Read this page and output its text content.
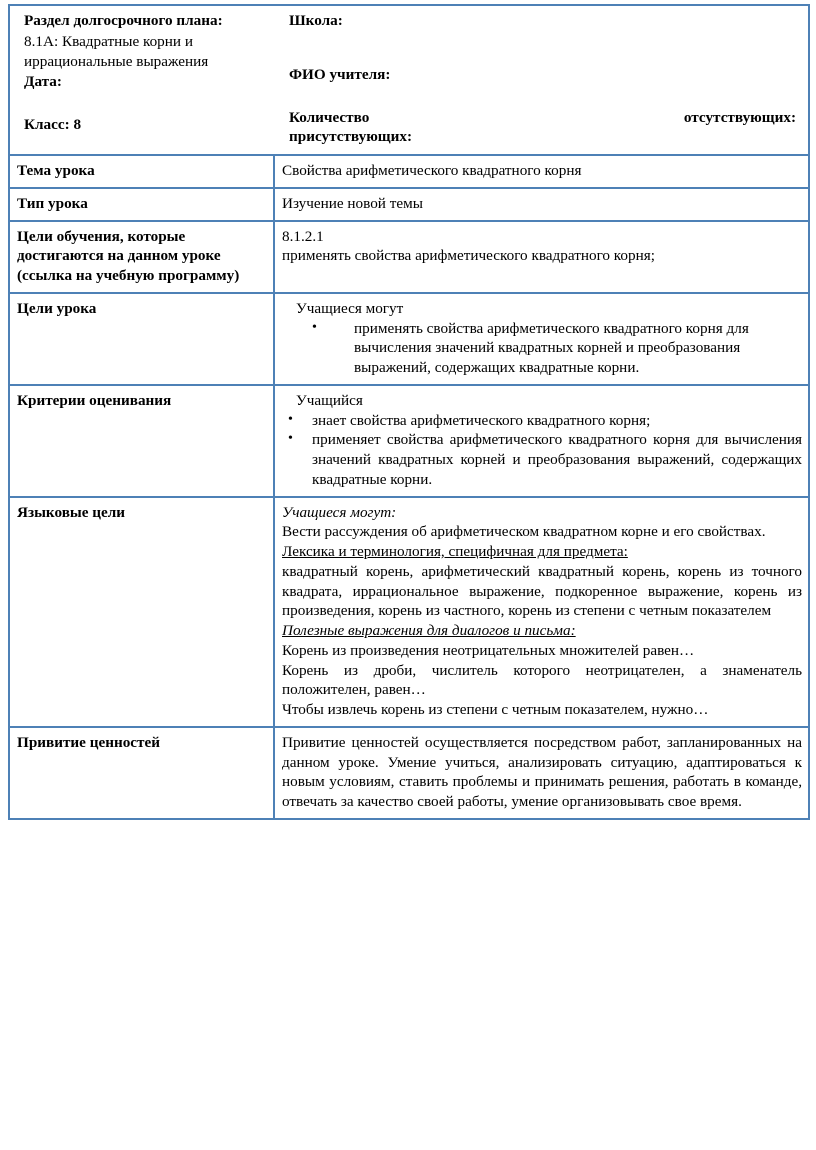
Раздел долгосрочного плана:
8.1A: Квадратные корни и иррациональные выражения
Дата:
Класс: 8
Школа:
ФИО учителя:
Количество	отсутствующих:
присутствующих:

Тема урока	Свойства арифметического квадратного корня

Тип урока	Изучение новой темы

Цели обучения, которые достигаются на данном уроке (ссылка на учебную программу)	8.1.2.1

применять свойства арифметического квадратного корня;

Цели урока	Учащиеся могут

• применять свойства арифметического квадратного корня для вычисления значений квадратных корней и преобразования выражений, содержащих квадратные корни.

Критерии оценивания	Учащийся

• знает свойства арифметического квадратного корня;
• применяет свойства арифметического квадратного корня для вычисления значений квадратных корней и преобразования выражений, содержащих квадратные корни.

Языковые цели	Учащиеся могут:

Вести рассуждения об арифметическом квадратном корне и его свойствах.

Лексика и терминология, специфичная для предмета:

квадратный корень, арифметический квадратный корень, корень из точного квадрата, иррациональное выражение, подкоренное выражение, корень из произведения, корень из частного, корень из степени с четным показателем

Полезные выражения для диалогов и письма:

Корень из произведения неотрицательных множителей равен…

Корень из дроби, числитель которого неотрицателен, а знаменатель положителен, равен…

Чтобы извлечь корень из степени с четным показателем, нужно…

Привитие ценностей	Привитие ценностей осуществляется посредством работ, запланированных на данном уроке. Умение учиться, анализировать ситуацию, адаптироваться к новым условиям, ставить проблемы и принимать решения, работать в команде, отвечать за качество своей работы, умение организовывать свое время.
